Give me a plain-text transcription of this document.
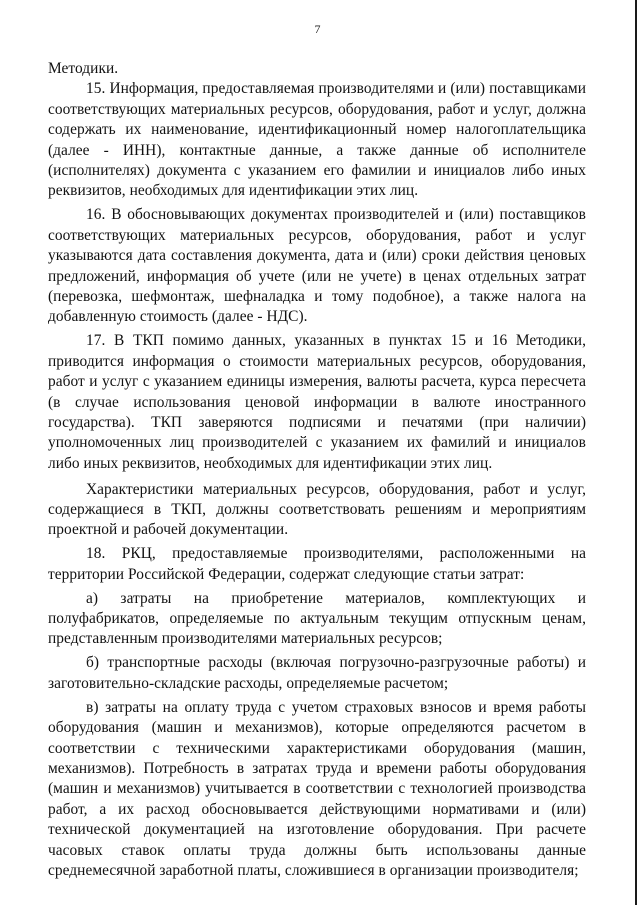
7

Методики.

15. Информация, предоставляемая производителями и (или) поставщиками соответствующих материальных ресурсов, оборудования, работ и услуг, должна содержать их наименование, идентификационный номер налогоплательщика (далее - ИНН), контактные данные, а также данные об исполнителе (исполнителях) документа с указанием его фамилии и инициалов либо иных реквизитов, необходимых для идентификации этих лиц.

16. В обосновывающих документах производителей и (или) поставщиков соответствующих материальных ресурсов, оборудования, работ и услуг указываются дата составления документа, дата и (или) сроки действия ценовых предложений, информация об учете (или не учете) в ценах отдельных затрат (перевозка, шефмонтаж, шефналадка и тому подобное), а также налога на добавленную стоимость (далее - НДС).

17. В ТКП помимо данных, указанных в пунктах 15 и 16 Методики, приводится информация о стоимости материальных ресурсов, оборудования, работ и услуг с указанием единицы измерения, валюты расчета, курса пересчета (в случае использования ценовой информации в валюте иностранного государства). ТКП заверяются подписями и печатями (при наличии) уполномоченных лиц производителей с указанием их фамилий и инициалов либо иных реквизитов, необходимых для идентификации этих лиц.

Характеристики материальных ресурсов, оборудования, работ и услуг, содержащиеся в ТКП, должны соответствовать решениям и мероприятиям проектной и рабочей документации.

18. РКЦ, предоставляемые производителями, расположенными на территории Российской Федерации, содержат следующие статьи затрат:

а) затраты на приобретение материалов, комплектующих и полуфабрикатов, определяемые по актуальным текущим отпускным ценам, представленным производителями материальных ресурсов;

б) транспортные расходы (включая погрузочно-разгрузочные работы) и заготовительно-складские расходы, определяемые расчетом;

в) затраты на оплату труда с учетом страховых взносов и время работы оборудования (машин и механизмов), которые определяются расчетом в соответствии с техническими характеристиками оборудования (машин, механизмов). Потребность в затратах труда и времени работы оборудования (машин и механизмов) учитывается в соответствии с технологией производства работ, а их расход обосновывается действующими нормативами и (или) технической документацией на изготовление оборудования. При расчете часовых ставок оплаты труда должны быть использованы данные среднемесячной заработной платы, сложившиеся в организации производителя;
